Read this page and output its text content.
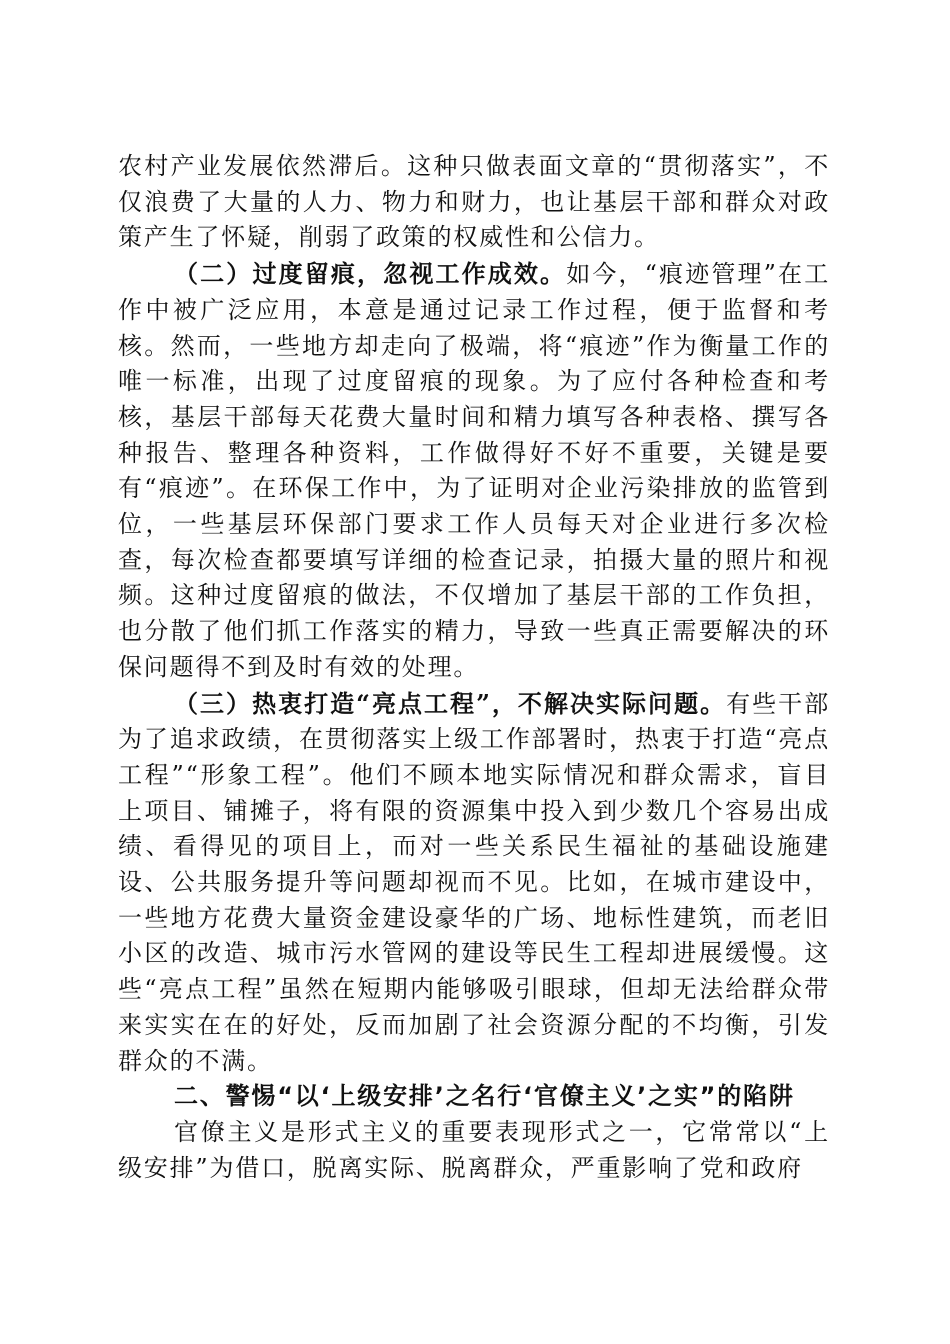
农村产业发展依然滞后。这种只做表面文章的“贯彻落实”，不仅浪费了大量的人力、物力和财力，也让基层干部和群众对政策产生了怀疑，削弱了政策的权威性和公信力。

（二）过度留痕，忽视工作成效。如今，“痕迹管理”在工作中被广泛应用，本意是通过记录工作过程，便于监督和考核。然而，一些地方却走向了极端，将“痕迹”作为衡量工作的唯一标准，出现了过度留痕的现象。为了应付各种检查和考核，基层干部每天花费大量时间和精力填写各种表格、撰写各种报告、整理各种资料，工作做得好不好不重要，关键是要有“痕迹”。在环保工作中，为了证明对企业污染排放的监管到位，一些基层环保部门要求工作人员每天对企业进行多次检查，每次检查都要填写详细的检查记录，拍摄大量的照片和视频。这种过度留痕的做法，不仅增加了基层干部的工作负担，也分散了他们抓工作落实的精力，导致一些真正需要解决的环保问题得不到及时有效的处理。

（三）热衷打造“亮点工程”，不解决实际问题。有些干部为了追求政绩，在贯彻落实上级工作部署时，热衷于打造“亮点工程”“形象工程”。他们不顾本地实际情况和群众需求，盲目上项目、铺摊子，将有限的资源集中投入到少数几个容易出成绩、看得见的项目上，而对一些关系民生福祉的基础设施建设、公共服务提升等问题却视而不见。比如，在城市建设中，一些地方花费大量资金建设豪华的广场、地标性建筑，而老旧小区的改造、城市污水管网的建设等民生工程却进展缓慢。这些“亮点工程”虽然在短期内能够吸引眼球，但却无法给群众带来实实在在的好处，反而加剧了社会资源分配的不均衡，引发群众的不满。

二、警惕“以‘上级安排’之名行‘官僚主义’之实”的陷阱

官僚主义是形式主义的重要表现形式之一，它常常以“上级安排”为借口，脱离实际、脱离群众，严重影响了党和政府
